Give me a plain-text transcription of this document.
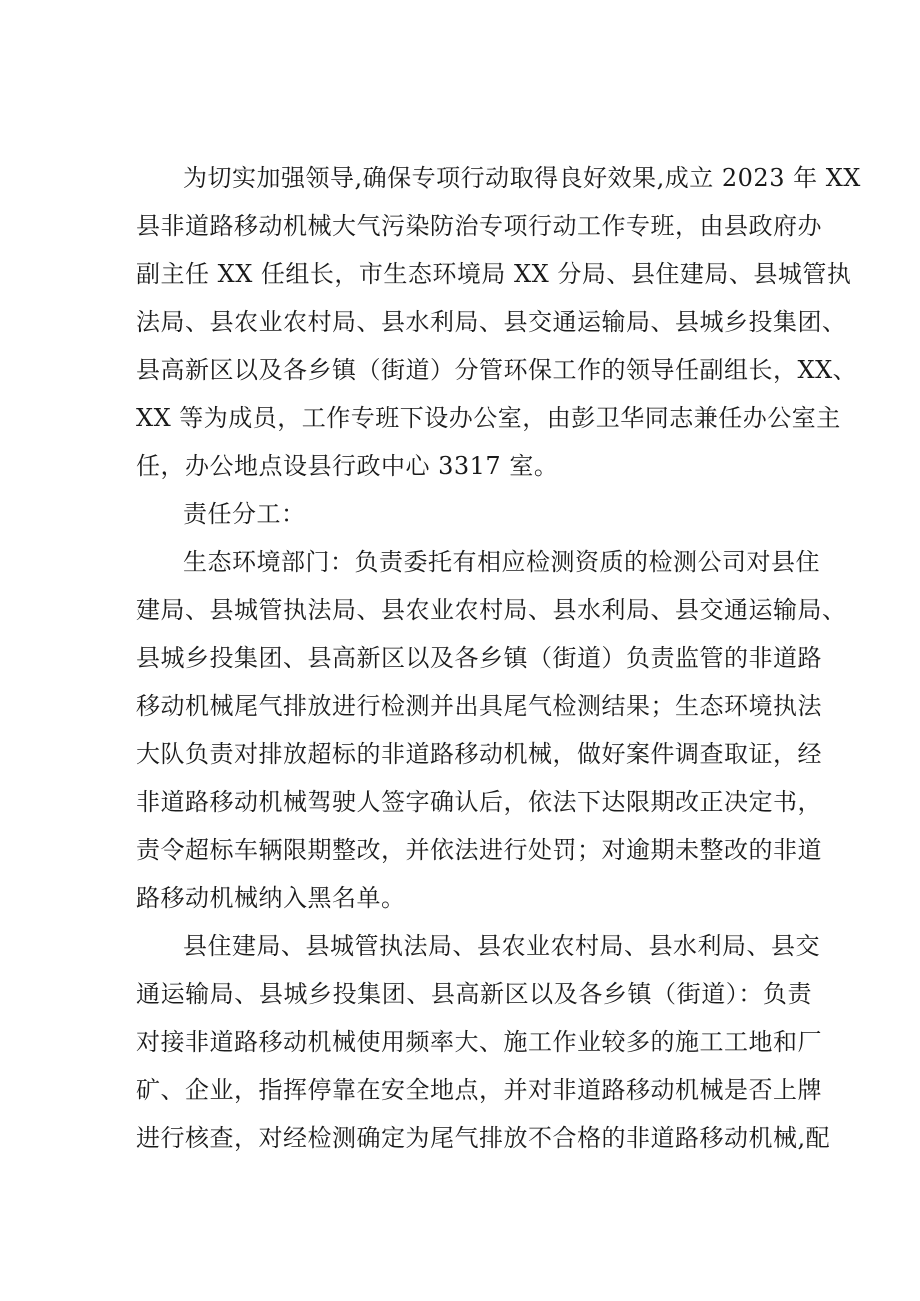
为切实加强领导,确保专项行动取得良好效果,成立 2023 年 XX

县非道路移动机械大气污染防治专项行动工作专班，由县政府办

副主任 XX 任组长，市生态环境局 XX 分局、县住建局、县城管执

法局、县农业农村局、县水利局、县交通运输局、县城乡投集团、

县高新区以及各乡镇（街道）分管环保工作的领导任副组长，XX、

XX 等为成员，工作专班下设办公室，由彭卫华同志兼任办公室主

任，办公地点设县行政中心 3317 室。

责任分工：

生态环境部门：负责委托有相应检测资质的检测公司对县住

建局、县城管执法局、县农业农村局、县水利局、县交通运输局、

县城乡投集团、县高新区以及各乡镇（街道）负责监管的非道路

移动机械尾气排放进行检测并出具尾气检测结果；生态环境执法

大队负责对排放超标的非道路移动机械，做好案件调查取证，经

非道路移动机械驾驶人签字确认后，依法下达限期改正决定书，

责令超标车辆限期整改，并依法进行处罚；对逾期未整改的非道

路移动机械纳入黑名单。

县住建局、县城管执法局、县农业农村局、县水利局、县交

通运输局、县城乡投集团、县高新区以及各乡镇（街道）：负责

对接非道路移动机械使用频率大、施工作业较多的施工工地和厂

矿、企业，指挥停靠在安全地点，并对非道路移动机械是否上牌

进行核查，对经检测确定为尾气排放不合格的非道路移动机械,配
